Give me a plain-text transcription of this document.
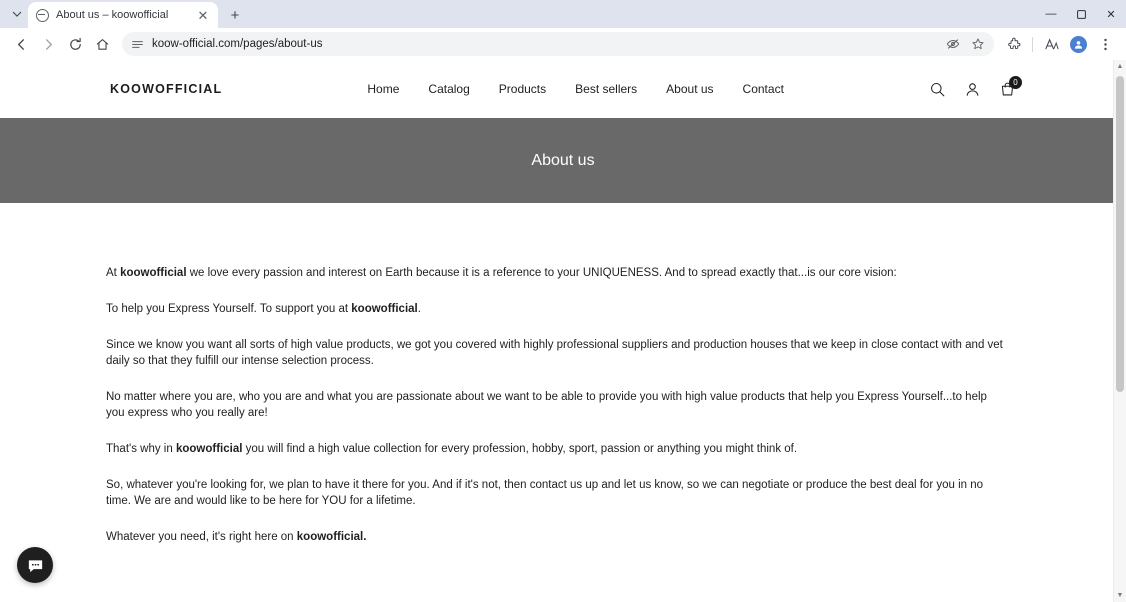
About us – koowofficial	✕	+	—	✕
koow-official.com/pages/about-us
KOOWOFFICIAL	Home Catalog Products Best sellers About us Contact	0
About us

At koowofficial we love every passion and interest on Earth because it is a reference to your UNIQUENESS. And to spread exactly that...is our core vision:

To help you Express Yourself. To support you at koowofficial.

Since we know you want all sorts of high value products, we got you covered with highly professional suppliers and production houses that we keep in close contact with and vet daily so that they fulfill our intense selection process.

No matter where you are, who you are and what you are passionate about we want to be able to provide you with high value products that help you Express Yourself...to help you express who you really are!

That's why in koowofficial you will find a high value collection for every profession, hobby, sport, passion or anything you might think of.

So, whatever you're looking for, we plan to have it there for you. And if it's not, then contact us up and let us know, so we can negotiate or produce the best deal for you in no time. We are and would like to be here for YOU for a lifetime.

Whatever you need, it's right here on koowofficial.

▲
▼
